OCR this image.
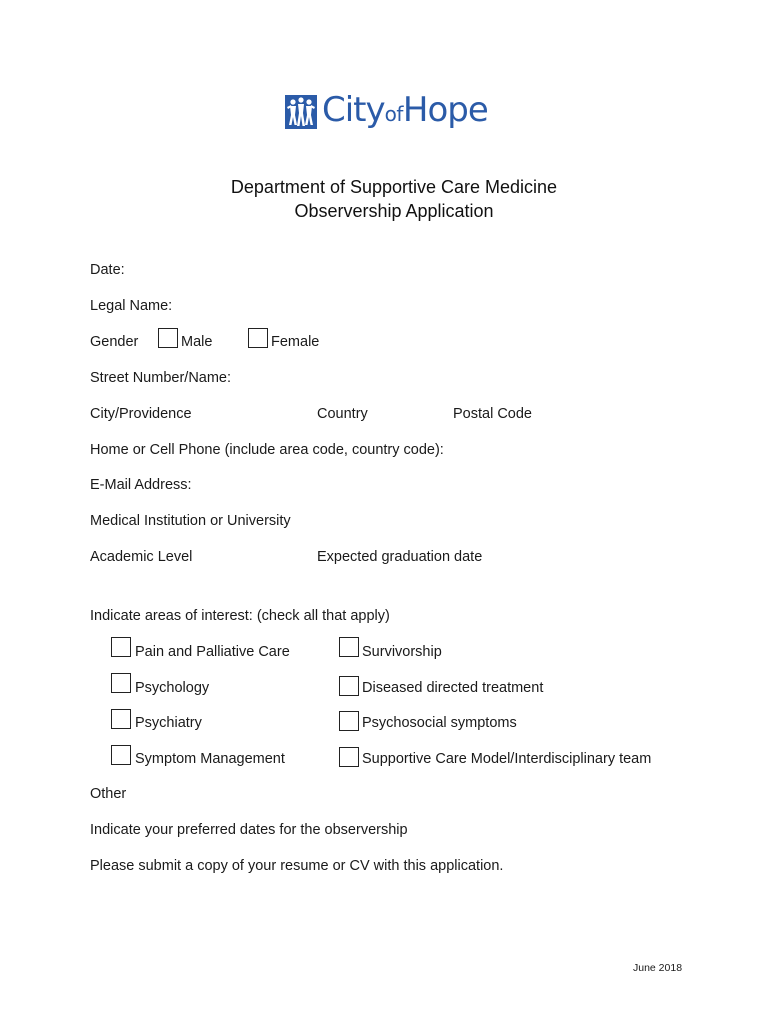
CityofHope
Department of Supportive Care Medicine
Observership Application
Date:
Legal Name:
Gender	Male	Female
Street Number/Name:
City/Providence	Country	Postal Code
Home or Cell Phone (include area code, country code):
E-Mail Address:
Medical Institution or University
Academic Level	Expected graduation date
Indicate areas of interest: (check all that apply)
Pain and Palliative Care	Survivorship
Psychology	Diseased directed treatment
Psychiatry	Psychosocial symptoms
Symptom Management	Supportive Care Model/Interdisciplinary team
Other
Indicate your preferred dates for the observership
Please submit a copy of your resume or CV with this application.
June 2018
